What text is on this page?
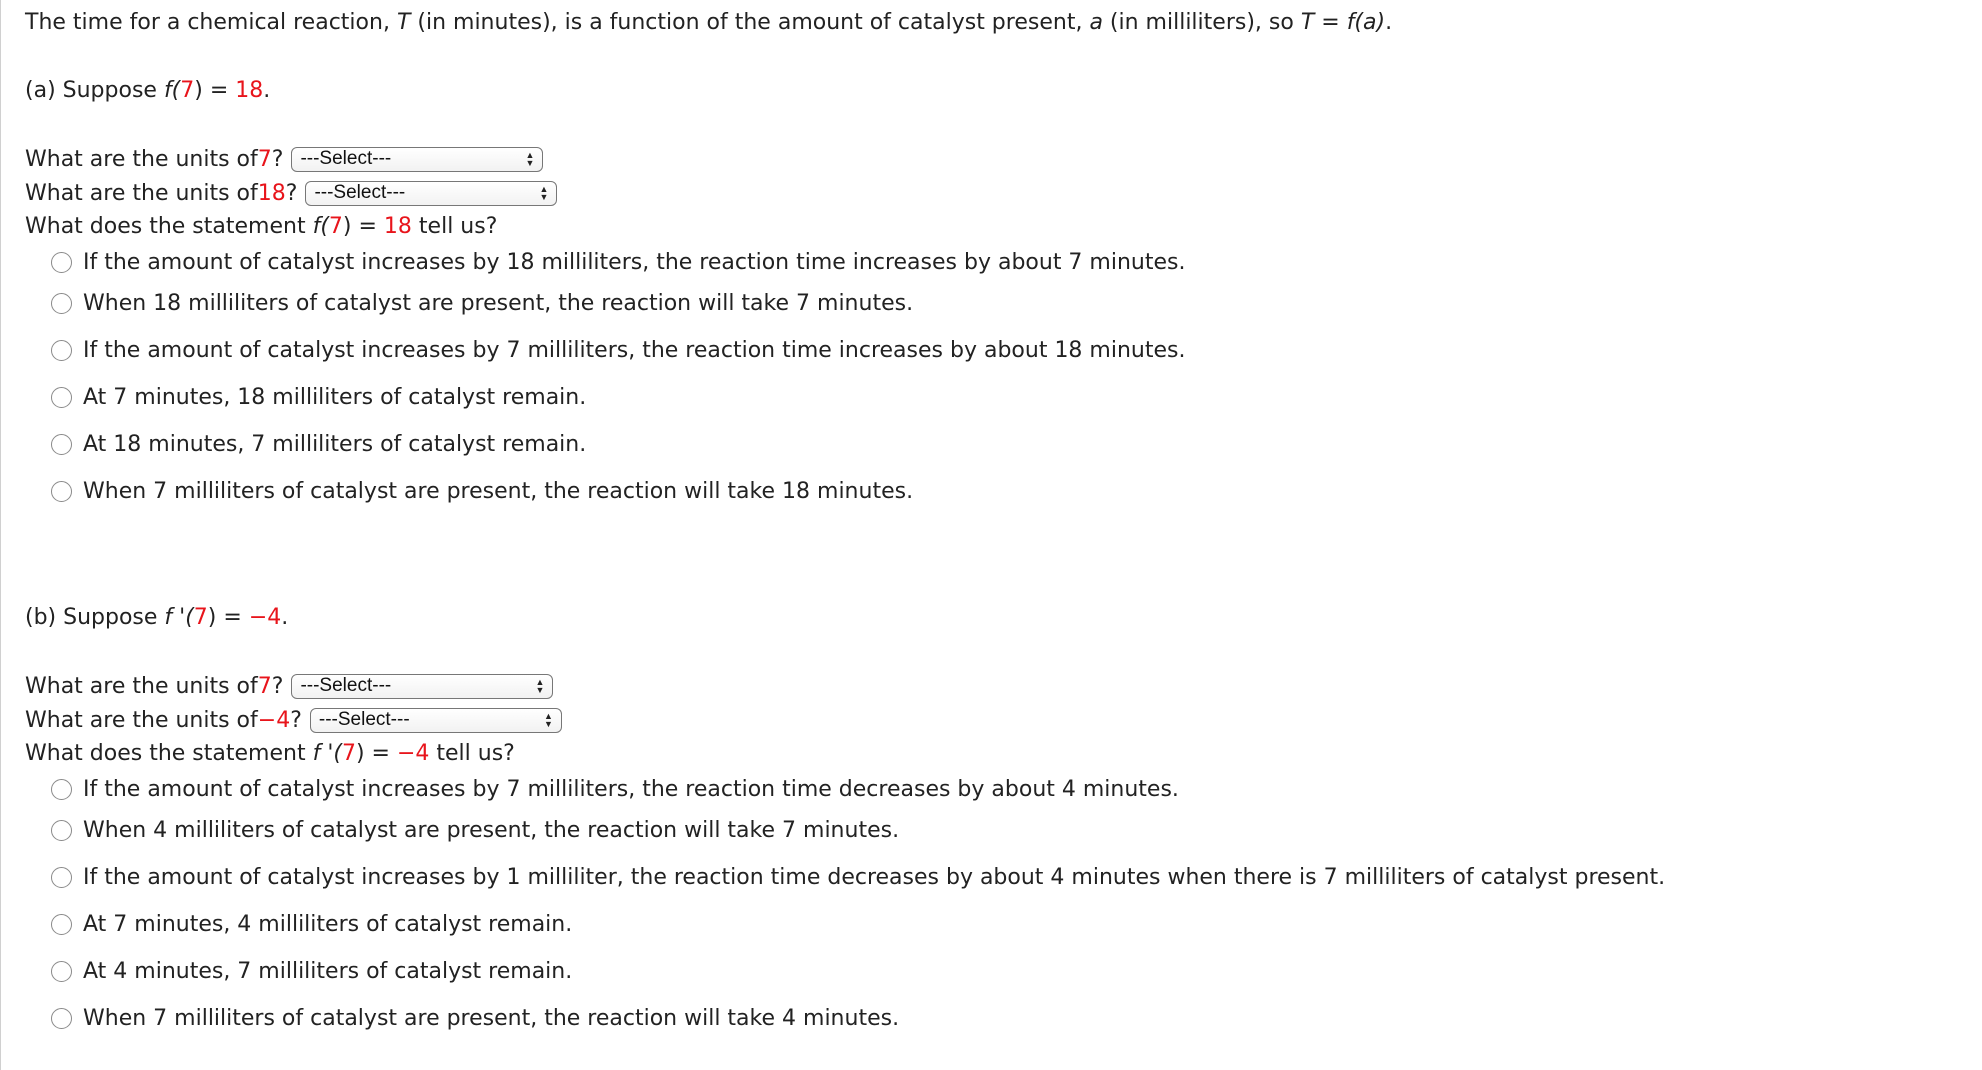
The time for a chemical reaction, T (in minutes), is a function of the amount of catalyst present, a (in milliliters), so T = f(a).
(a) Suppose f(7) = 18.
What are the units of 7 ? ---Select---	▲
▼
What are the units of 18 ? ---Select---	▲
▼
What does the statement f(7) = 18 tell us?
If the amount of catalyst increases by 18 milliliters, the reaction time increases by about 7 minutes.
When 18 milliliters of catalyst are present, the reaction will take 7 minutes.
If the amount of catalyst increases by 7 milliliters, the reaction time increases by about 18 minutes.
At 7 minutes, 18 milliliters of catalyst remain.
At 18 minutes, 7 milliliters of catalyst remain.
When 7 milliliters of catalyst are present, the reaction will take 18 minutes.
(b) Suppose f '(7) = −4.
What are the units of 7 ? ---Select---	▲
▼
What are the units of −4 ? ---Select---	▲
▼
What does the statement f '(7) = −4 tell us?
If the amount of catalyst increases by 7 milliliters, the reaction time decreases by about 4 minutes.
When 4 milliliters of catalyst are present, the reaction will take 7 minutes.
If the amount of catalyst increases by 1 milliliter, the reaction time decreases by about 4 minutes when there is 7 milliliters of catalyst present.
At 7 minutes, 4 milliliters of catalyst remain.
At 4 minutes, 7 milliliters of catalyst remain.
When 7 milliliters of catalyst are present, the reaction will take 4 minutes.
